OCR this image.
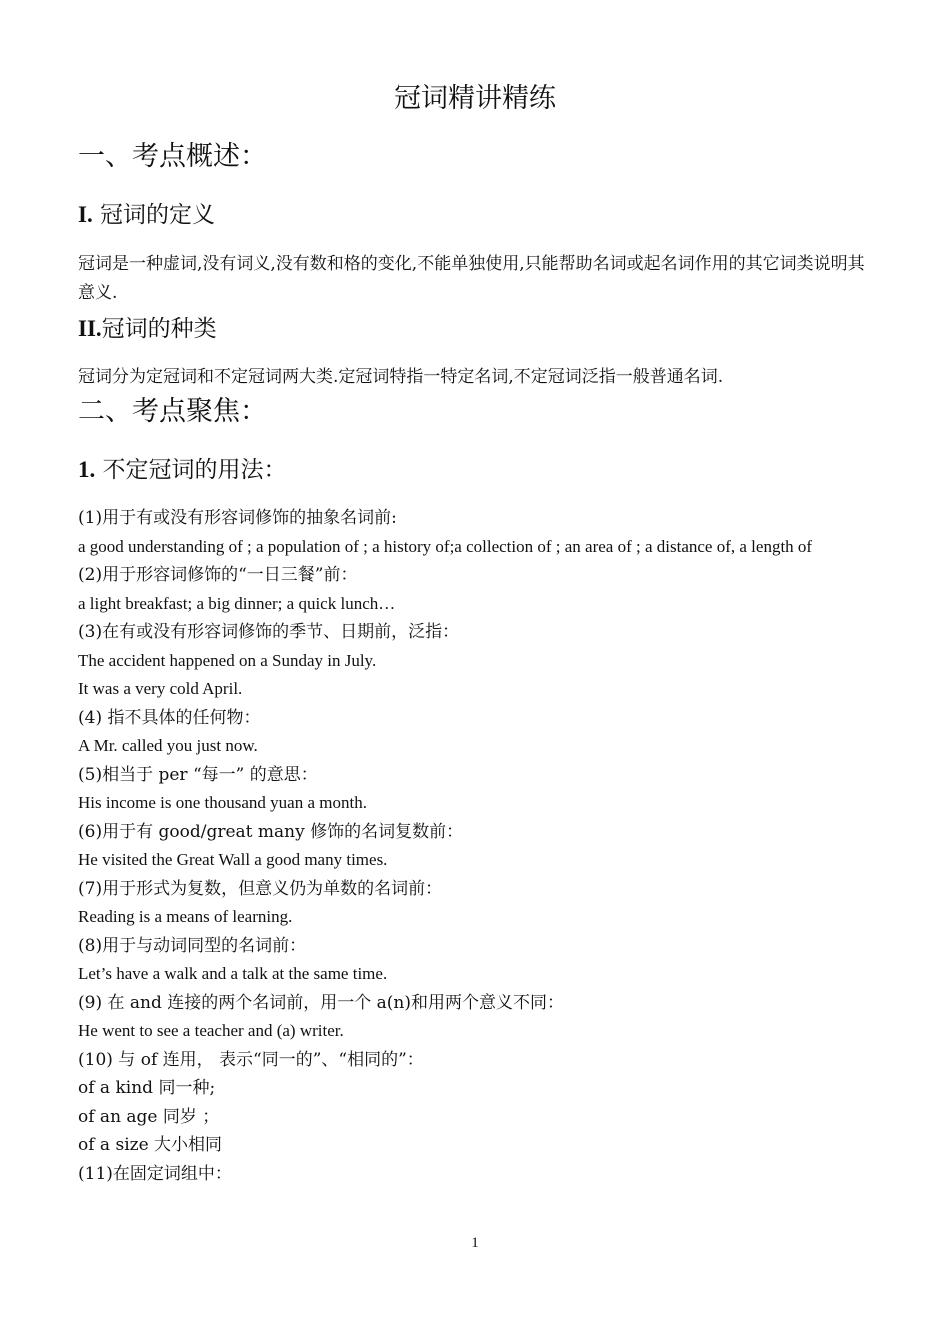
冠词精讲精练
一、考点概述：
I. 冠词的定义
冠词是一种虚词,没有词义,没有数和格的变化,不能单独使用,只能帮助名词或起名词作用的其它词类说明其意义.
II.冠词的种类
冠词分为定冠词和不定冠词两大类.定冠词特指一特定名词,不定冠词泛指一般普通名词.
二、考点聚焦：
1. 不定冠词的用法：
(1)用于有或没有形容词修饰的抽象名词前:
a good understanding of ; a population of ; a history of;a collection of ; an area of ; a distance of, a length of
(2)用于形容词修饰的“一日三餐”前：
a light breakfast; a big dinner; a quick lunch…
(3)在有或没有形容词修饰的季节、日期前，泛指：
The accident happened on a Sunday in July.
It was a very cold April.
(4) 指不具体的任何物：
A Mr. called you just now.
(5)相当于 per “每一” 的意思：
His income is one thousand yuan a month.
(6)用于有 good/great many 修饰的名词复数前：
He visited the Great Wall a good many times.
(7)用于形式为复数，但意义仍为单数的名词前：
Reading is a means of learning.
(8)用于与动词同型的名词前：
Let’s have a walk and a talk at the same time.
(9) 在 and 连接的两个名词前，用一个 a(n)和用两个意义不同：
He went to see a teacher and (a) writer.
(10) 与 of 连用， 表示“同一的”、“相同的”：
of a kind 同一种;
of an age 同岁 ；
of a size 大小相同
(11)在固定词组中：
1
